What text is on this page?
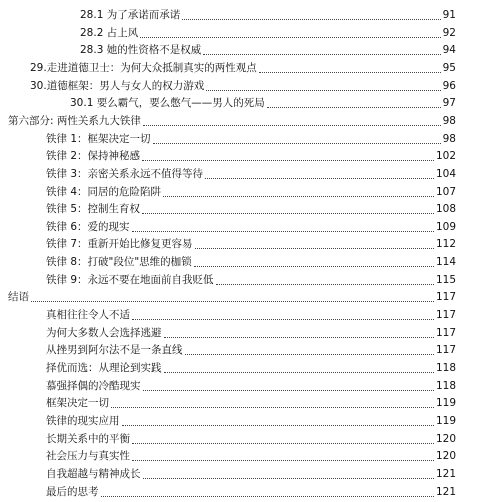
28.1 为了承诺而承诺	91
28.2 占上风	92
28.3 她的性资格不是权威	94
29.走进道德卫士：为何大众抵制真实的两性观点	95
30.道德框架：男人与女人的权力游戏	96
30.1 要么霸气，要么憋气——男人的死局	97
第六部分: 两性关系九大铁律	98
铁律 1：框架决定一切	98
铁律 2：保持神秘感	102
铁律 3：亲密关系永远不值得等待	104
铁律 4：同居的危险陷阱	107
铁律 5：控制生育权	108
铁律 6：爱的现实	109
铁律 7：重新开始比修复更容易	112
铁律 8：打破"段位"思维的枷锁	114
铁律 9：永远不要在地面前自我贬低	115
结语	117
真相往往令人不适	117
为何大多数人会选择逃避	117
从挫男到阿尔法不是一条直线	117
择优而选：从理论到实践	118
慕强择偶的冷酷现实	118
框架决定一切	119
铁律的现实应用	119
长期关系中的平衡	120
社会压力与真实性	120
自我超越与精神成长	121
最后的思考	121
